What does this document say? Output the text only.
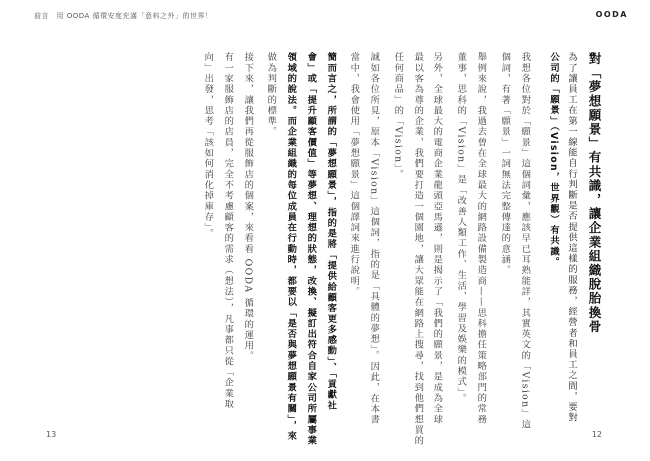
前言　用 OODA 循環安度充滿「意料之外」的世界！	OODA
對「夢想願景」有共識，讓企業組織脫胎換骨
為了讓員工在第一線能自行判斷是否提供這樣的服務，經營者和員工之間，要對
公司的「願景」（Vision，世界觀）有共識。
我想各位對於「願景」這個詞彙，應該早已耳熟能詳，其實英文的「Vision」這
個詞，有著「願景」一詞無法完整傳達的意涵。
舉例來說，我過去曾在全球最大的網路設備製造商——思科擔任策略部門的常務
董事，思科的「Vision」是「改善人類工作、生活、學習及娛樂的模式」。
另外，全球最大的電商企業龍頭亞馬遜，則是揭示了「我們的願景，是成為全球
最以客為尊的企業，我們要打造一個園地，讓大眾能在網路上搜尋，找到他們想買的
任何商品」的「Vision」。
誠如各位所見，原本「Vision」這個詞，指的是「具體的夢想」。因此，在本書
當中，我會使用「夢想願景」這個譯詞來進行說明。
簡而言之，所謂的「夢想願景」，指的是將「提供給顧客更多感動」、「貢獻社
會」或「提升顧客價值」等夢想、理想的狀態，改換、擬訂出符合自家公司所屬事業
領域的說法。而企業組織的每位成員在行動時，都要以「是否與夢想願景有關」，來
做為判斷的標準。
接下來，讓我們再從服飾店的個案，來看看 OODA 循環的運用。
有一家服飾店的店員，完全不考慮顧客的需求（想法），凡事都只從「企業取
向」出發，思考「該如何消化掉庫存」。
13	12
